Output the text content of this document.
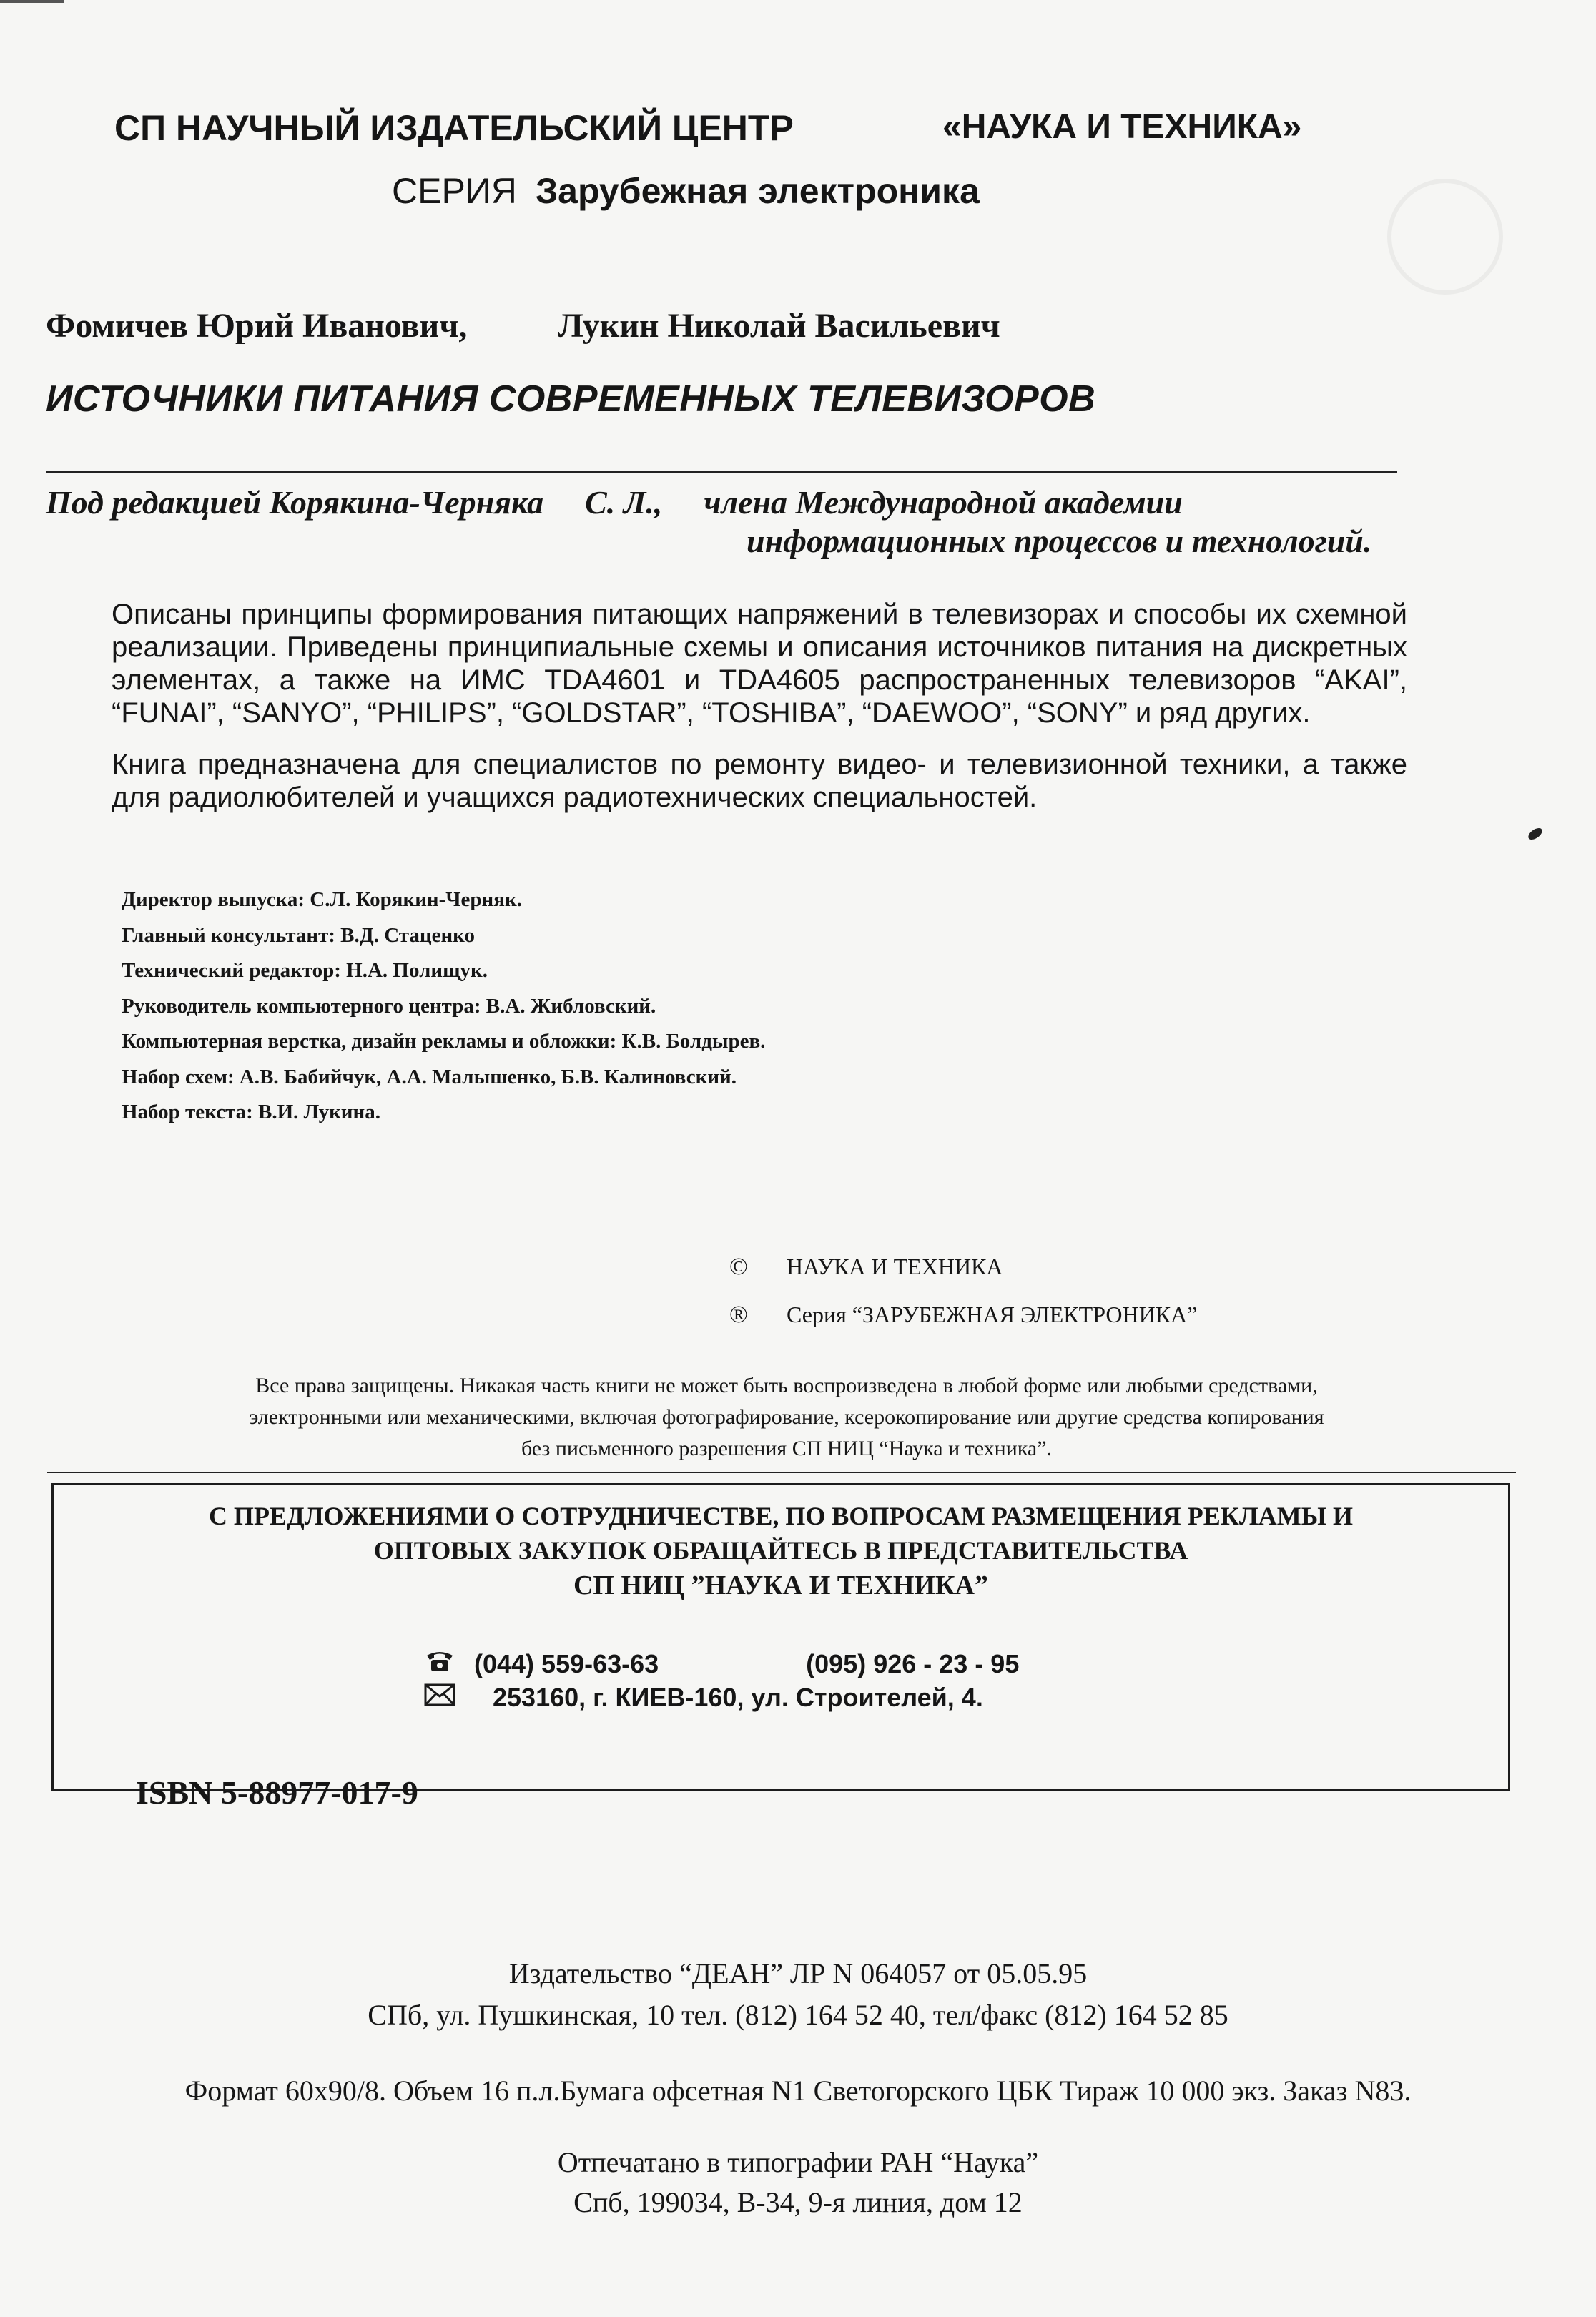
СП НАУЧНЫЙ ИЗДАТЕЛЬСКИЙ ЦЕНТР	«НАУКА И ТЕХНИКА»
СЕРИЯ Зарубежная электроника
Фомичев Юрий Иванович,	Лукин Николай Васильевич
ИСТОЧНИКИ ПИТАНИЯ СОВРЕМЕННЫХ ТЕЛЕВИЗОРОВ
Под редакцией Корякина-Черняка С. Л., члена Международной академии
информационных процессов и технологий.

Описаны принципы формирования питающих напряжений в телевизорах и способы их схемной реализации. Приведены принципиальные схемы и описания источников питания на дискретных элементах, а также на ИМС TDA4601 и TDA4605 распространенных телевизоров “AKAI”, “FUNAI”, “SANYO”, “PHILIPS”, “GOLDSTAR”, “TOSHIBA”, “DAEWOO”, “SONY” и ряд других.

Книга предназначена для специалистов по ремонту видео- и телевизионной техники, а также для радиолюбителей и учащихся радиотехнических специальностей.

Директор выпуска: С.Л. Корякин-Черняк.
Главный консультант: В.Д. Стаценко
Технический редактор: Н.А. Полищук.
Руководитель компьютерного центра: В.А. Жибловский.
Компьютерная верстка, дизайн рекламы и обложки: К.В. Болдырев.
Набор схем: А.В. Бабийчук, А.А. Малышенко, Б.В. Калиновский.
Набор текста: В.И. Лукина.
© НАУКА И ТЕХНИКА
® Серия “ЗАРУБЕЖНАЯ ЭЛЕКТРОНИКА”
Все права защищены. Никакая часть книги не может быть воспроизведена в любой форме или любыми средствами,
электронными или механическими, включая фотографирование, ксерокопирование или другие средства копирования
без письменного разрешения СП НИЦ “Наука и техника”.
С ПРЕДЛОЖЕНИЯМИ О СОТРУДНИЧЕСТВЕ, ПО ВОПРОСАМ РАЗМЕЩЕНИЯ РЕКЛАМЫ И
ОПТОВЫХ ЗАКУПОК ОБРАЩАЙТЕСЬ В ПРЕДСТАВИТЕЛЬСТВА
СП НИЦ ”НАУКА И ТЕХНИКА”
(044) 559-63-63	(095) 926 - 23 - 95
253160, г. КИЕВ-160, ул. Строителей, 4.
ISBN 5-88977-017-9
Издательство “ДЕАН” ЛР N 064057 от 05.05.95
СПб, ул. Пушкинская, 10 тел. (812) 164 52 40, тел/факс (812) 164 52 85
Формат 60х90/8. Объем 16 п.л.Бумага офсетная N1 Светогорского ЦБК Тираж 10 000 экз. Заказ N83.
Отпечатано в типографии РАН “Наука”
Спб, 199034, В-34, 9-я линия, дом 12
